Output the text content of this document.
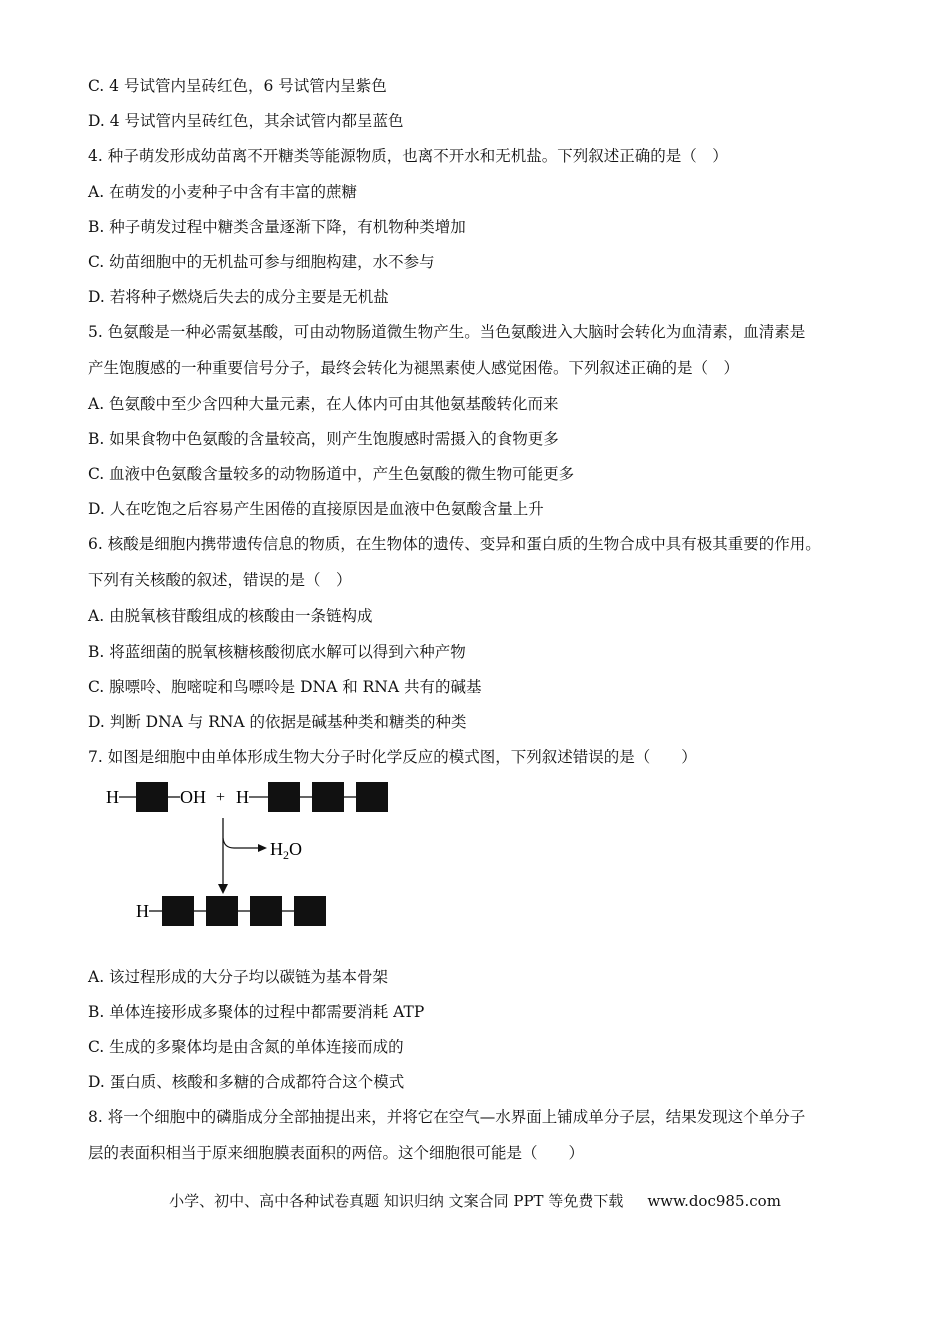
C. 4 号试管内呈砖红色，6 号试管内呈紫色
D. 4 号试管内呈砖红色，其余试管内都呈蓝色
4. 种子萌发形成幼苗离不开糖类等能源物质，也离不开水和无机盐。下列叙述正确的是（　）
A. 在萌发的小麦种子中含有丰富的蔗糖
B. 种子萌发过程中糖类含量逐渐下降，有机物种类增加
C. 幼苗细胞中的无机盐可参与细胞构建，水不参与
D. 若将种子燃烧后失去的成分主要是无机盐
5. 色氨酸是一种必需氨基酸，可由动物肠道微生物产生。当色氨酸进入大脑时会转化为血清素，血清素是
产生饱腹感的一种重要信号分子，最终会转化为褪黑素使人感觉困倦。下列叙述正确的是（　）
A. 色氨酸中至少含四种大量元素，在人体内可由其他氨基酸转化而来
B. 如果食物中色氨酸的含量较高，则产生饱腹感时需摄入的食物更多
C. 血液中色氨酸含量较多的动物肠道中，产生色氨酸的微生物可能更多
D. 人在吃饱之后容易产生困倦的直接原因是血液中色氨酸含量上升
6. 核酸是细胞内携带遗传信息的物质，在生物体的遗传、变异和蛋白质的生物合成中具有极其重要的作用。
下列有关核酸的叙述，错误的是（　）
A. 由脱氧核苷酸组成的核酸由一条链构成
B. 将蓝细菌的脱氧核糖核酸彻底水解可以得到六种产物
C. 腺嘌呤、胞嘧啶和鸟嘌呤是 DNA 和 RNA 共有的碱基
D. 判断 DNA 与 RNA 的依据是碱基种类和糖类的种类
7. 如图是细胞中由单体形成生物大分子时化学反应的模式图，下列叙述错误的是（　　）
H	OH + H
$H_2O$
H
A. 该过程形成的大分子均以碳链为基本骨架
B. 单体连接形成多聚体的过程中都需要消耗 ATP
C. 生成的多聚体均是由含氮的单体连接而成的
D. 蛋白质、核酸和多糖的合成都符合这个模式
8. 将一个细胞中的磷脂成分全部抽提出来，并将它在空气—水界面上铺成单分子层，结果发现这个单分子
层的表面积相当于原来细胞膜表面积的两倍。这个细胞很可能是（　　）
小学、初中、高中各种试卷真题 知识归纳 文案合同 PPT 等免费下载 www.doc985.com
